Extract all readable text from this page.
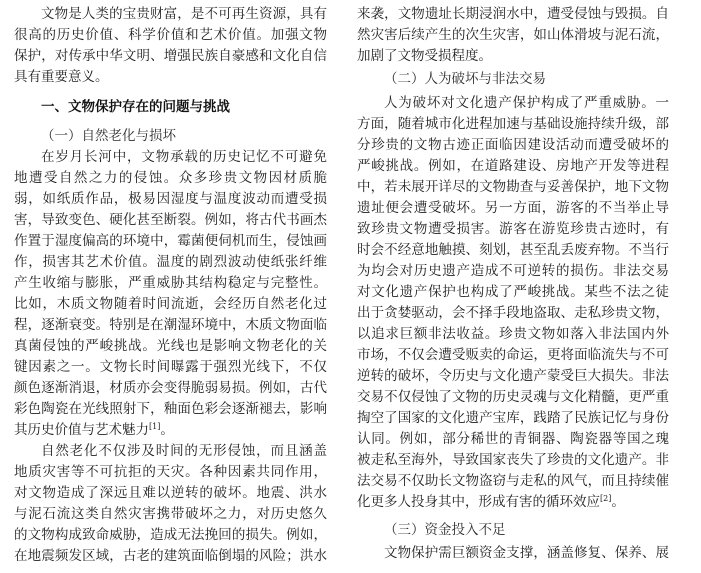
文物是人类的宝贵财富，是不可再生资源，具有
很高的历史价值、科学价值和艺术价值。加强文物
保护，对传承中华文明、增强民族自豪感和文化自信
具有重要意义。
一、文物保护存在的问题与挑战
（一）自然老化与损坏
在岁月长河中，文物承载的历史记忆不可避免
地遭受自然之力的侵蚀。众多珍贵文物因材质脆
弱，如纸质作品，极易因湿度与温度波动而遭受损
害，导致变色、硬化甚至断裂。例如，将古代书画杰
作置于湿度偏高的环境中，霉菌便伺机而生，侵蚀画
作，损害其艺术价值。温度的剧烈波动使纸张纤维
产生收缩与膨胀，严重威胁其结构稳定与完整性。
比如，木质文物随着时间流逝，会经历自然老化过
程，逐渐衰变。特别是在潮湿环境中，木质文物面临
真菌侵蚀的严峻挑战。光线也是影响文物老化的关
键因素之一。文物长时间曝露于强烈光线下，不仅
颜色逐渐消退，材质亦会变得脆弱易损。例如，古代
彩色陶瓷在光线照射下，釉面色彩会逐渐褪去，影响
其历史价值与艺术魅力[1]。
自然老化不仅涉及时间的无形侵蚀，而且涵盖
地质灾害等不可抗拒的天灾。各种因素共同作用，
对文物造成了深远且难以逆转的破坏。地震、洪水
与泥石流这类自然灾害携带破坏之力，对历史悠久
的文物构成致命威胁，造成无法挽回的损失。例如，
在地震频发区域，古老的建筑面临倒塌的风险；洪水
来袭，文物遗址长期浸润水中，遭受侵蚀与毁损。自
然灾害后续产生的次生灾害，如山体滑坡与泥石流，
加剧了文物受损程度。
（二）人为破坏与非法交易
人为破坏对文化遗产保护构成了严重威胁。一
方面，随着城市化进程加速与基础设施持续升级，部
分珍贵的文物古迹正面临因建设活动而遭受破坏的
严峻挑战。例如，在道路建设、房地产开发等进程
中，若未展开详尽的文物勘查与妥善保护，地下文物
遗址便会遭受破坏。另一方面，游客的不当举止导
致珍贵文物遭受损害。游客在游览珍贵古迹时，有
时会不经意地触摸、刻划，甚至乱丢废弃物。不当行
为均会对历史遗产造成不可逆转的损伤。非法交易
对文化遗产保护也构成了严峻挑战。某些不法之徒
出于贪婪驱动，会不择手段地盗取、走私珍贵文物，
以追求巨额非法收益。珍贵文物如落入非法国内外
市场，不仅会遭受贩卖的命运，更将面临流失与不可
逆转的破坏，令历史与文化遗产蒙受巨大损失。非法
交易不仅侵蚀了文物的历史灵魂与文化精髓，更严重
掏空了国家的文化遗产宝库，践踏了民族记忆与身份
认同。例如，部分稀世的青铜器、陶瓷器等国之瑰
被走私至海外，导致国家丧失了珍贵的文化遗产。非
法交易不仅助长文物盗窃与走私的风气，而且持续催
化更多人投身其中，形成有害的循环效应[2]。
（三）资金投入不足
文物保护需巨额资金支撑，涵盖修复、保养、展
